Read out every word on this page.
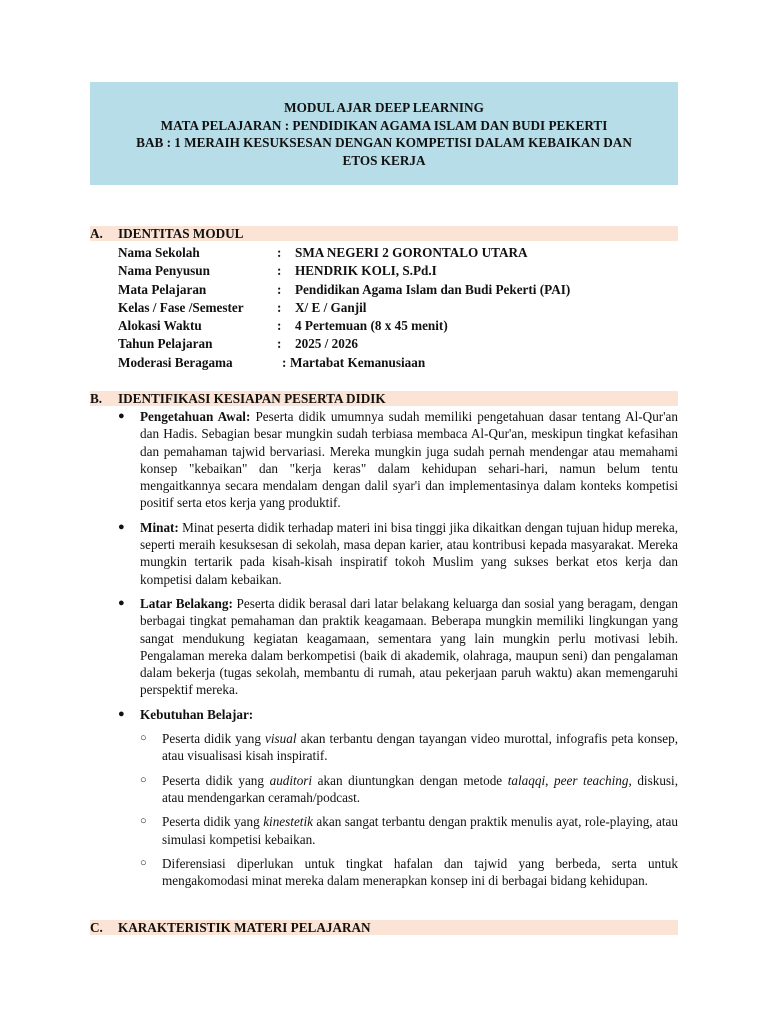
MODUL AJAR DEEP LEARNING
MATA PELAJARAN : PENDIDIKAN AGAMA ISLAM DAN BUDI PEKERTI
BAB : 1 MERAIH KESUKSESAN DENGAN KOMPETISI DALAM KEBAIKAN DAN
ETOS KERJA
A. IDENTITAS MODUL
Nama Sekolah	: SMA NEGERI 2 GORONTALO UTARA
Nama Penyusun	: HENDRIK KOLI, S.Pd.I
Mata Pelajaran	: Pendidikan Agama Islam dan Budi Pekerti (PAI)
Kelas / Fase /Semester	: X/ E / Ganjil
Alokasi Waktu	: 4 Pertemuan (8 x 45 menit)
Tahun Pelajaran	: 2025 / 2026
Moderasi Beragama	: Martabat Kemanusiaan
B. IDENTIFIKASI KESIAPAN PESERTA DIDIK
● Pengetahuan Awal: Peserta didik umumnya sudah memiliki pengetahuan dasar tentang Al-Qur'an dan Hadis. Sebagian besar mungkin sudah terbiasa membaca Al-Qur'an, meskipun tingkat kefasihan dan pemahaman tajwid bervariasi. Mereka mungkin juga sudah pernah mendengar atau memahami konsep "kebaikan" dan "kerja keras" dalam kehidupan sehari-hari, namun belum tentu mengaitkannya secara mendalam dengan dalil syar'i dan implementasinya dalam konteks kompetisi positif serta etos kerja yang produktif.
● Minat: Minat peserta didik terhadap materi ini bisa tinggi jika dikaitkan dengan tujuan hidup mereka, seperti meraih kesuksesan di sekolah, masa depan karier, atau kontribusi kepada masyarakat. Mereka mungkin tertarik pada kisah-kisah inspiratif tokoh Muslim yang sukses berkat etos kerja dan kompetisi dalam kebaikan.
● Latar Belakang: Peserta didik berasal dari latar belakang keluarga dan sosial yang beragam, dengan berbagai tingkat pemahaman dan praktik keagamaan. Beberapa mungkin memiliki lingkungan yang sangat mendukung kegiatan keagamaan, sementara yang lain mungkin perlu motivasi lebih. Pengalaman mereka dalam berkompetisi (baik di akademik, olahraga, maupun seni) dan pengalaman dalam bekerja (tugas sekolah, membantu di rumah, atau pekerjaan paruh waktu) akan memengaruhi perspektif mereka.
● Kebutuhan Belajar:
○ Peserta didik yang visual akan terbantu dengan tayangan video murottal, infografis peta konsep, atau visualisasi kisah inspiratif.
○ Peserta didik yang auditori akan diuntungkan dengan metode talaqqi, peer teaching, diskusi, atau mendengarkan ceramah/podcast.
○ Peserta didik yang kinestetik akan sangat terbantu dengan praktik menulis ayat, role-playing, atau simulasi kompetisi kebaikan.
○ Diferensiasi diperlukan untuk tingkat hafalan dan tajwid yang berbeda, serta untuk mengakomodasi minat mereka dalam menerapkan konsep ini di berbagai bidang kehidupan.
C. KARAKTERISTIK MATERI PELAJARAN
